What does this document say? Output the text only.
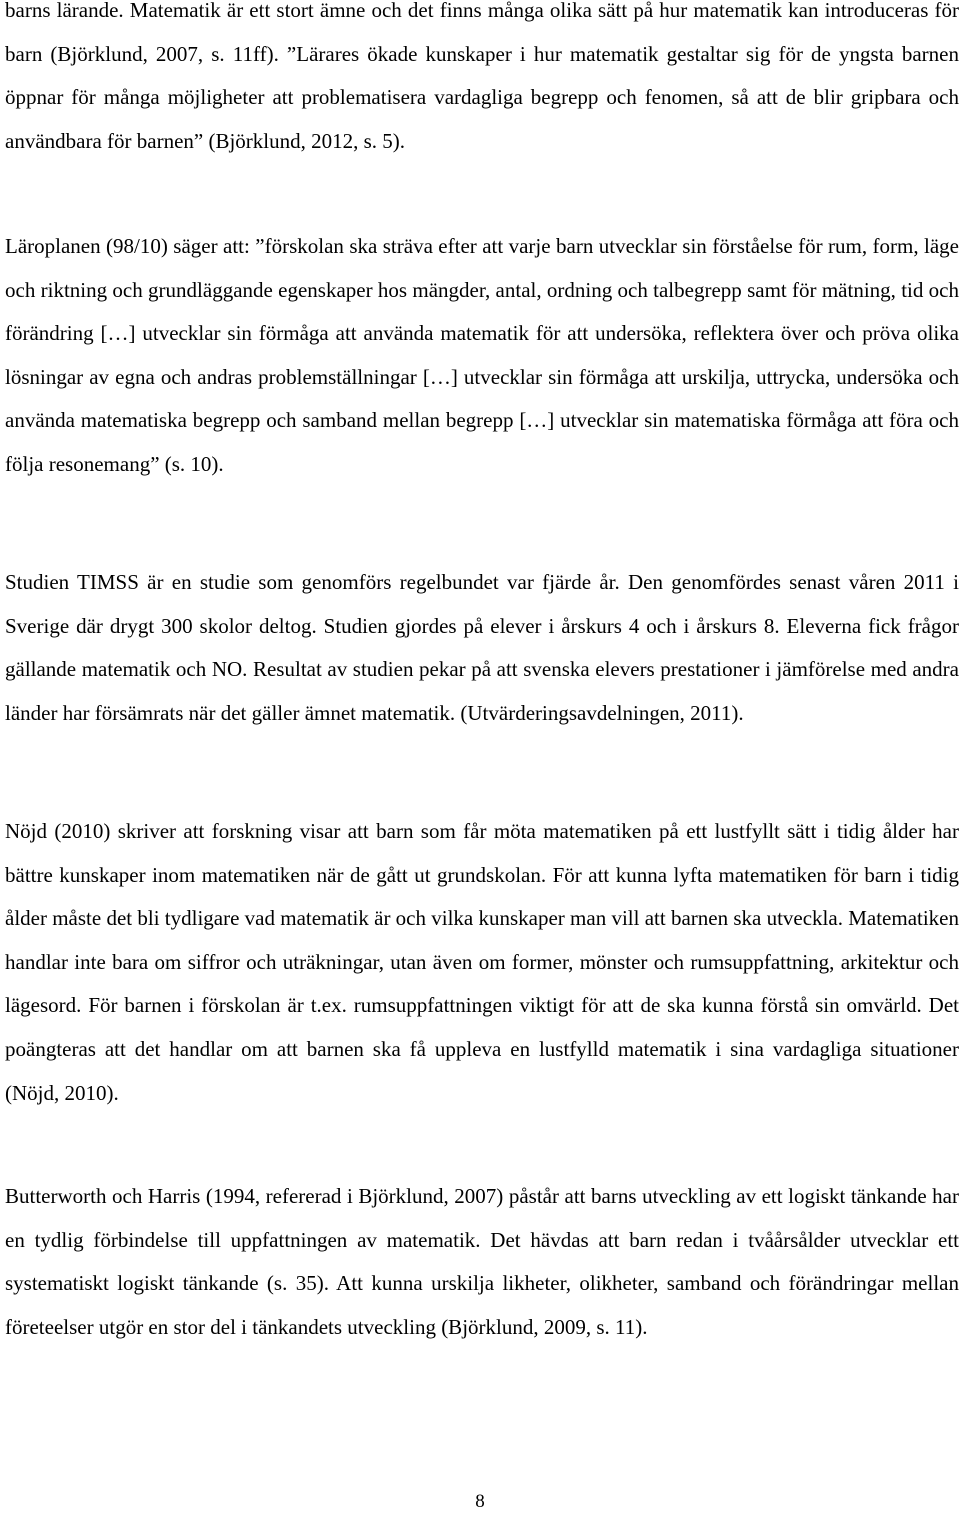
barns lärande. Matematik är ett stort ämne och det finns många olika sätt på hur matematik kan introduceras för barn (Björklund, 2007, s. 11ff). ”Lärares ökade kunskaper i hur matematik gestaltar sig för de yngsta barnen öppnar för många möjligheter att problematisera vardagliga begrepp och fenomen, så att de blir gripbara och användbara för barnen” (Björklund, 2012, s. 5).

Läroplanen (98/10) säger att: ”förskolan ska sträva efter att varje barn utvecklar sin förståelse för rum, form, läge och riktning och grundläggande egenskaper hos mängder, antal, ordning och talbegrepp samt för mätning, tid och förändring […] utvecklar sin förmåga att använda matematik för att undersöka, reflektera över och pröva olika lösningar av egna och andras problemställningar […] utvecklar sin förmåga att urskilja, uttrycka, undersöka och använda matematiska begrepp och samband mellan begrepp […] utvecklar sin matematiska förmåga att föra och följa resonemang” (s. 10).

Studien TIMSS är en studie som genomförs regelbundet var fjärde år. Den genomfördes senast våren 2011 i Sverige där drygt 300 skolor deltog. Studien gjordes på elever i årskurs 4 och i årskurs 8. Eleverna fick frågor gällande matematik och NO. Resultat av studien pekar på att svenska elevers prestationer i jämförelse med andra länder har försämrats när det gäller ämnet matematik. (Utvärderingsavdelningen, 2011).

Nöjd (2010) skriver att forskning visar att barn som får möta matematiken på ett lustfyllt sätt i tidig ålder har bättre kunskaper inom matematiken när de gått ut grundskolan. För att kunna lyfta matematiken för barn i tidig ålder måste det bli tydligare vad matematik är och vilka kunskaper man vill att barnen ska utveckla. Matematiken handlar inte bara om siffror och uträkningar, utan även om former, mönster och rumsuppfattning, arkitektur och lägesord. För barnen i förskolan är t.ex. rumsuppfattningen viktigt för att de ska kunna förstå sin omvärld. Det poängteras att det handlar om att barnen ska få uppleva en lustfylld matematik i sina vardagliga situationer (Nöjd, 2010).

Butterworth och Harris (1994, refererad i Björklund, 2007) påstår att barns utveckling av ett logiskt tänkande har en tydlig förbindelse till uppfattningen av matematik. Det hävdas att barn redan i tvåårsålder utvecklar ett systematiskt logiskt tänkande (s. 35). Att kunna urskilja likheter, olikheter, samband och förändringar mellan företeelser utgör en stor del i tänkandets utveckling (Björklund, 2009, s. 11).

8
